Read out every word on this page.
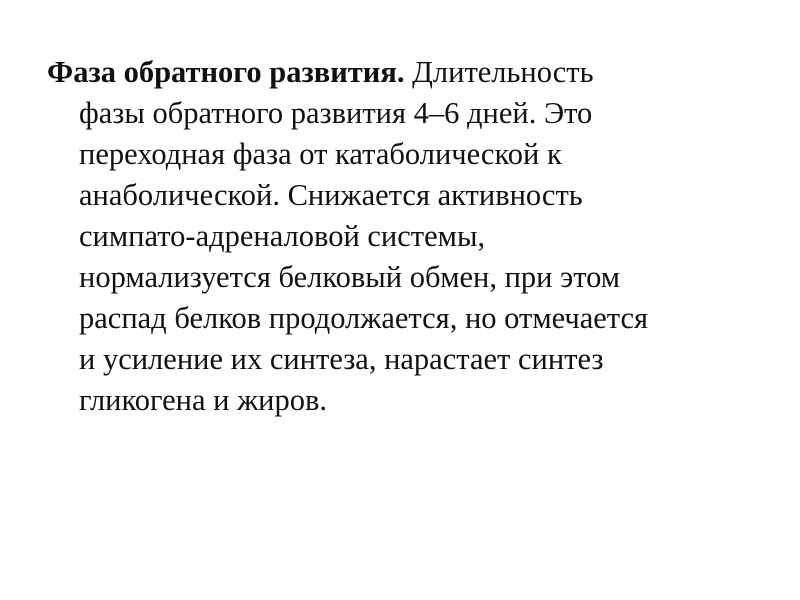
Фаза обратного развития. Длительность
фазы обратного развития 4–6 дней. Это
переходная фаза от катаболической к
анаболической. Снижается активность
симпато-адреналовой системы,
нормализуется белковый обмен, при этом
распад белков продолжается, но отмечается
и усиление их синтеза, нарастает синтез
гликогена и жиров.
